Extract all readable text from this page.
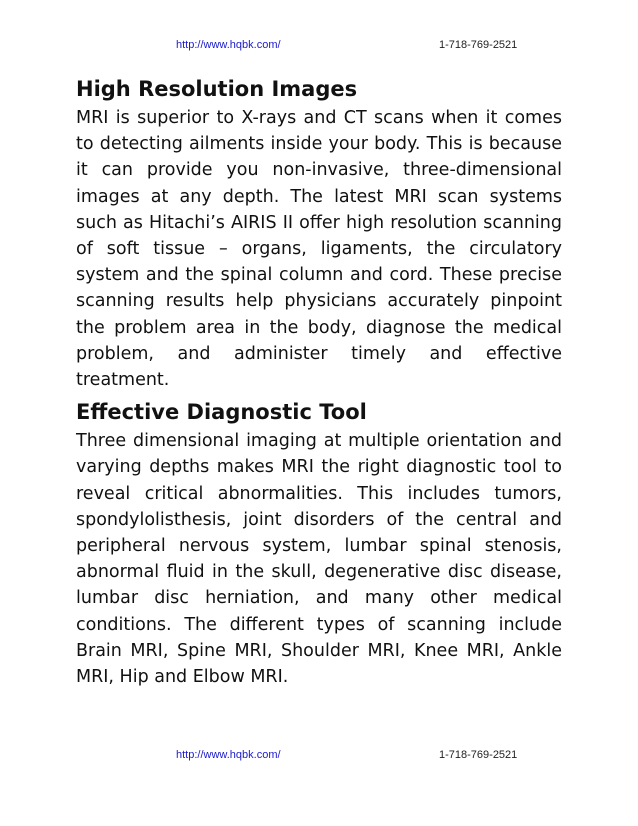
http://www.hqbk.com/	1-718-769-2521
High Resolution Images

MRI is superior to X-rays and CT scans when it comes to detecting ailments inside your body. This is because it can provide you non-invasive, three-dimensional images at any depth. The latest MRI scan systems such as Hitachi’s AIRIS II offer high resolution scanning of soft tissue – organs, ligaments, the circulatory system and the spinal column and cord. These precise scanning results help physicians accurately pinpoint the problem area in the body, diagnose the medical problem, and administer timely and effective treatment.

Effective Diagnostic Tool

Three dimensional imaging at multiple orientation and varying depths makes MRI the right diagnostic tool to reveal critical abnormalities. This includes tumors, spondylolisthesis, joint disorders of the central and peripheral nervous system, lumbar spinal stenosis, abnormal fluid in the skull, degenerative disc disease, lumbar disc herniation, and many other medical conditions. The different types of scanning include Brain MRI, Spine MRI, Shoulder MRI, Knee MRI, Ankle MRI, Hip and Elbow MRI.

http://www.hqbk.com/	1-718-769-2521
